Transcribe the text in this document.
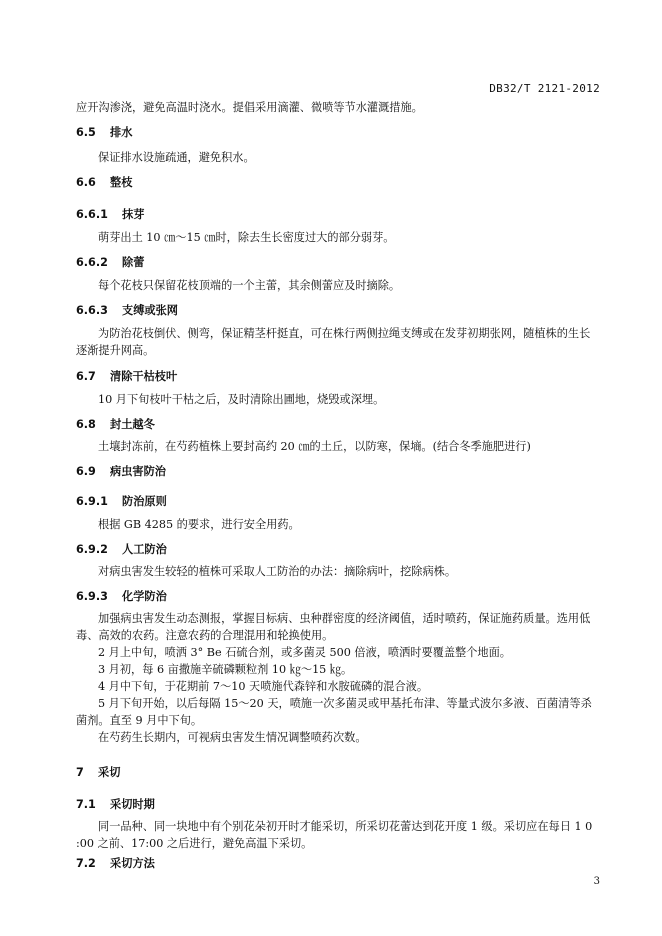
DB32/T 2121-2012
应开沟渗浇，避免高温时浇水。提倡采用滴灌、微喷等节水灌溉措施。
6.5 排水
保证排水设施疏通，避免积水。
6.6 整枝
6.6.1 抹芽
萌芽出土 10 ㎝～15 ㎝时，除去生长密度过大的部分弱芽。
6.6.2 除蕾
每个花枝只保留花枝顶端的一个主蕾，其余侧蕾应及时摘除。
6.6.3 支缚或张网
为防治花枝倒伏、侧弯，保证精茎杆挺直，可在株行两侧拉绳支缚或在发芽初期张网，随植株的生长逐渐提升网高。
6.7 清除干枯枝叶
10 月下旬枝叶干枯之后，及时清除出圃地，烧毁或深埋。
6.8 封土越冬
土壤封冻前，在芍药植株上要封高约 20 ㎝的土丘，以防寒，保墒。(结合冬季施肥进行)
6.9 病虫害防治
6.9.1 防治原则
根据 GB 4285 的要求，进行安全用药。
6.9.2 人工防治
对病虫害发生较轻的植株可采取人工防治的办法：摘除病叶，挖除病株。
6.9.3 化学防治
加强病虫害发生动态测报，掌握目标病、虫种群密度的经济阈值，适时喷药，保证施药质量。选用低毒、高效的农药。注意农药的合理混用和轮换使用。
2 月上中旬，喷洒 3° Be 石硫合剂，或多菌灵 500 倍液，喷洒时要覆盖整个地面。
3 月初，每 6 亩撒施辛硫磷颗粒剂 10 ㎏～15 ㎏。
4 月中下旬，于花期前 7～10 天喷施代森锌和水胺硫磷的混合液。
5 月下旬开始，以后每隔 15～20 天，喷施一次多菌灵或甲基托布津、等量式波尔多液、百菌清等杀菌剂。直至 9 月中下旬。
在芍药生长期内，可视病虫害发生情况调整喷药次数。
7 采切
7.1 采切时期
同一品种、同一块地中有个别花朵初开时才能采切，所采切花蕾达到花开度 1 级。采切应在每日 1 0 :00 之前、17:00 之后进行，避免高温下采切。
7.2 采切方法
3
